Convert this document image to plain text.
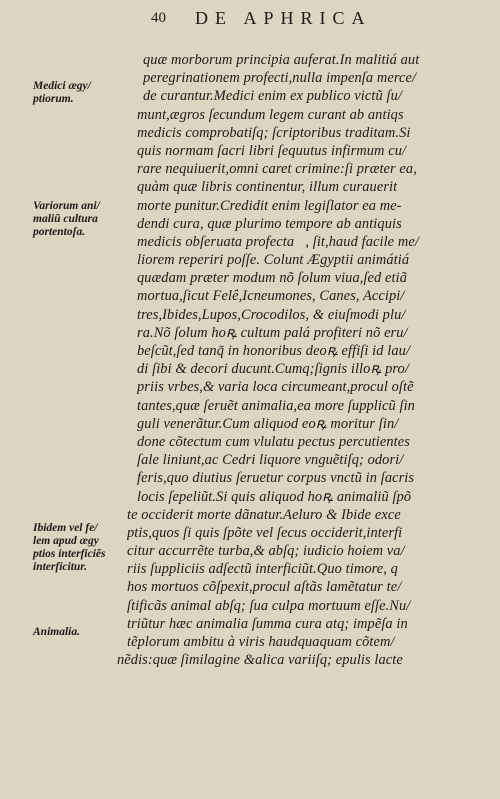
40 DE APHRICA
quæ morborum principia auferat.In malitiá aut
peregrinationem profecti,nulla impenſa merce/
de curantur.Medici enim ex publico victũ ſu/
munt,ægros ſecundum legem curant ab antiqs
medicis comprobatiſq; ſcriptoribus traditam.Si
quis normam ſacri libri ſequutus infirmum cu/
rare nequiuerit,omni caret crimine:ſi præter ea,
quàm quæ libris continentur, illum curauerit
morte punitur.Credidit enim legiſlator ea me-
dendi cura, quæ plurimo tempore ab antiquis
medicis obſeruata profecta᷎, ſit,haud facile me/
liorem reperiri poſſe. Colunt Ægyptii animátiá
quædam præter modum nõ ſolum viua,ſed etiã
mortua,ſicut Felê,Icneumones, Canes, Accipi/
tres,Ibides,Lupos,Crocodilos, & eiuſmodi plu/
ra.Nõ ſolum hoꝶ cultum palá profiteri nõ eru/
beſcũt,ſed tanq̃ in honoribus deoꝶ effiſi id lau/
di ſibi & decori ducunt.Cumq;ſignis illoꝶ pro/
priis vrbes,& varia loca circumeant,procul oſtẽ
tantes,quæ ſeruẽt animalia,ea more ſupplicũ ſin
guli venerãtur.Cum aliquod eoꝶ moritur ſin/
done cõtectum cum vlulatu pectus percutientes
ſale liniunt,ac Cedri liquore vnguẽtiſq; odori/
feris,quo diutius ſeruetur corpus vnctũ in ſacris
locis ſepeliũt.Si quis aliquod hoꝶ animaliũ ſpõ
te occiderit morte dãnatur.Aeluro & Ibide exce
ptis,quos ſi quis ſpõte vel ſecus occiderit,interfi
citur accurrẽte turba,& abſq; iudicio hoiem va/
riis ſuppliciis adſectũ interficiũt.Quo timore, q
hos mortuos cõſpexit,procul aſtãs lamẽtatur te/
ſtificãs animal abſq; ſua culpa mortuum eſſe.Nu/
triũtur hæc animalia ſumma cura atq; impẽſa in
tẽplorum ambitu à viris haudquaquam cõtem/
nẽdis:quæ ſimilagine &alica variiſq; epulis lacte
Medici ægy/
ptiorum.
Variorum ani/
maliũ cultura
portentoſa.
Ibidem vel fe/
lem apud ægy
ptios interficiẽs
interficitur.
Animalia.
